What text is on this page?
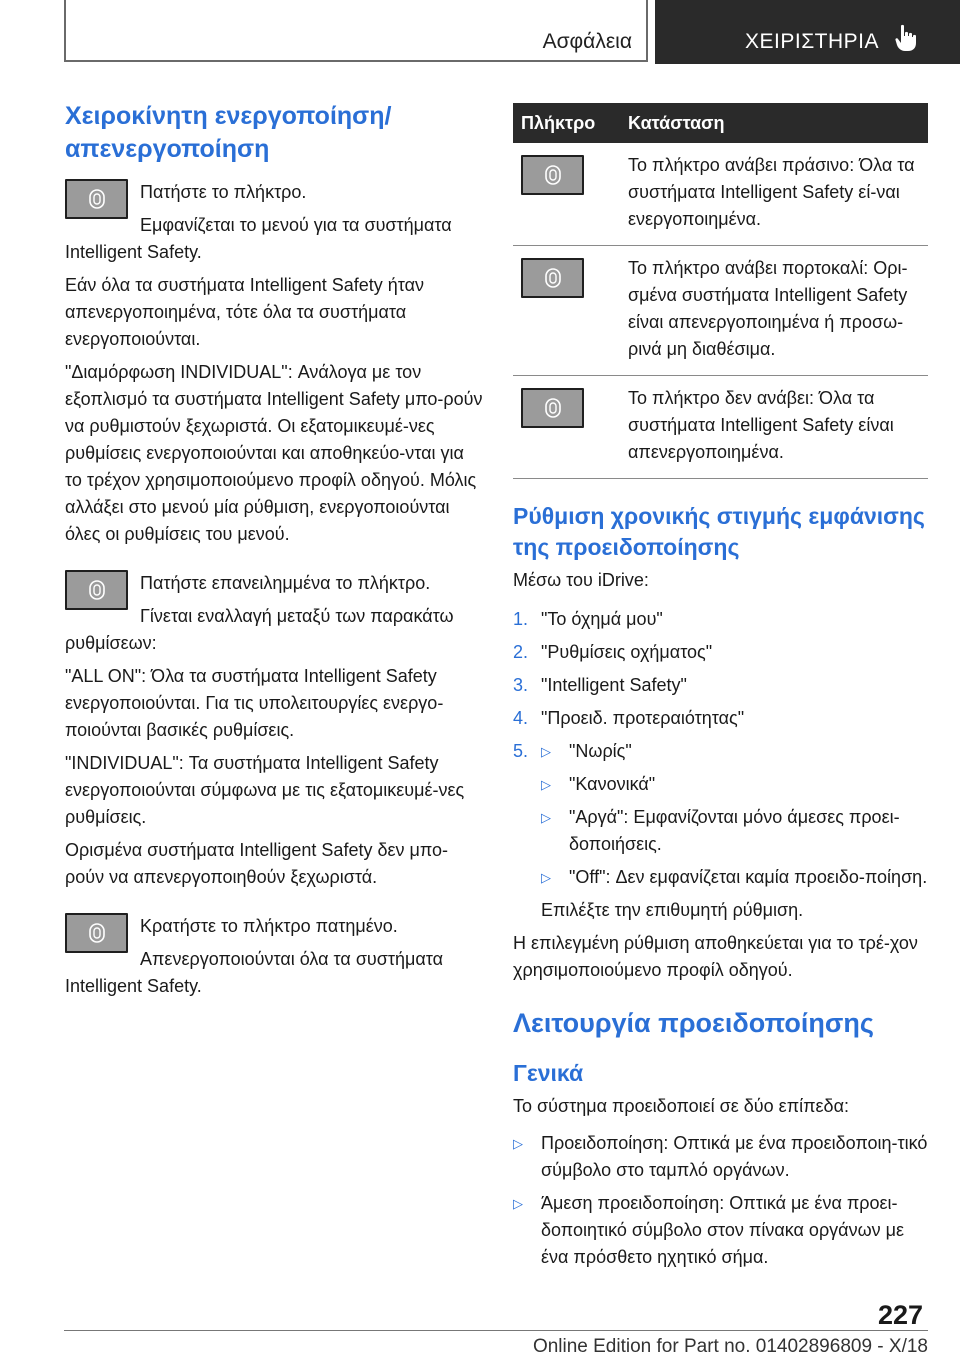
Ασφάλεια	ΧΕΙΡΙΣΤΗΡΙΑ
Χειροκίνητη ενεργοποίηση/απενεργοποίηση

Πατήστε το πλήκτρο.

Εμφανίζεται το μενού για τα συστήματα

Intelligent Safety.

Εάν όλα τα συστήματα Intelligent Safety ήταν απενεργοποιημένα, τότε όλα τα συστήματα ενεργοποιούνται.

"Διαμόρφωση INDIVIDUAL": Ανάλογα με τον εξοπλισμό τα συστήματα Intelligent Safety μπο-ρούν να ρυθμιστούν ξεχωριστά. Οι εξατομικευμέ-νες ρυθμίσεις ενεργοποιούνται και αποθηκεύο-νται για το τρέχον χρησιμοποιούμενο προφίλ οδηγού. Μόλις αλλάξει στο μενού μία ρύθμιση, ενεργοποιούνται όλες οι ρυθμίσεις του μενού.

Πατήστε επανειλημμένα το πλήκτρο.

Γίνεται εναλλαγή μεταξύ των παρακάτω

ρυθμίσεων:

"ALL ON": Όλα τα συστήματα Intelligent Safety ενεργοποιούνται. Για τις υπολειτουργίες ενεργο-ποιούνται βασικές ρυθμίσεις.

"INDIVIDUAL": Τα συστήματα Intelligent Safety ενεργοποιούνται σύμφωνα με τις εξατομικευμέ-νες ρυθμίσεις.

Ορισμένα συστήματα Intelligent Safety δεν μπο-ρούν να απενεργοποιηθούν ξεχωριστά.

Κρατήστε το πλήκτρο πατημένο.

Απενεργοποιούνται όλα τα συστήματα

Intelligent Safety.

Πλήκτρο	Κατάσταση

	Το πλήκτρο ανάβει πράσινο: Όλα τα συστήματα Intelligent Safety εί-ναι ενεργοποιημένα.

	Το πλήκτρο ανάβει πορτοκαλί: Ορι-σμένα συστήματα Intelligent Safety είναι απενεργοποιημένα ή προσω-ρινά μη διαθέσιμα.

	Το πλήκτρο δεν ανάβει: Όλα τα συστήματα Intelligent Safety είναι απενεργοποιημένα.
Ρύθμιση χρονικής στιγμής εμφάνισης της προειδοποίησης

Μέσω του iDrive:

1. "Το όχημά μου"
2. "Ρυθμίσεις οχήματος"
3. "Intelligent Safety"
4. "Προειδ. προτεραιότητας"
5. ▷ "Νωρίς"
▷ "Κανονικά"
▷ "Αργά": Εμφανίζονται μόνο άμεσες προει-δοποιήσεις.
▷ "Off": Δεν εμφανίζεται καμία προειδο-ποίηση.

Επιλέξτε την επιθυμητή ρύθμιση.

Η επιλεγμένη ρύθμιση αποθηκεύεται για το τρέ-χον χρησιμοποιούμενο προφίλ οδηγού.

Λειτουργία προειδοποίησης
Γενικά

Το σύστημα προειδοποιεί σε δύο επίπεδα:

▷ Προειδοποίηση: Οπτικά με ένα προειδοποιη-τικό σύμβολο στο ταμπλό οργάνων.
▷ Άμεση προειδοποίηση: Οπτικά με ένα προει-δοποιητικό σύμβολο στον πίνακα οργάνων με ένα πρόσθετο ηχητικό σήμα.
227
Online Edition for Part no. 01402896809 - X/18
